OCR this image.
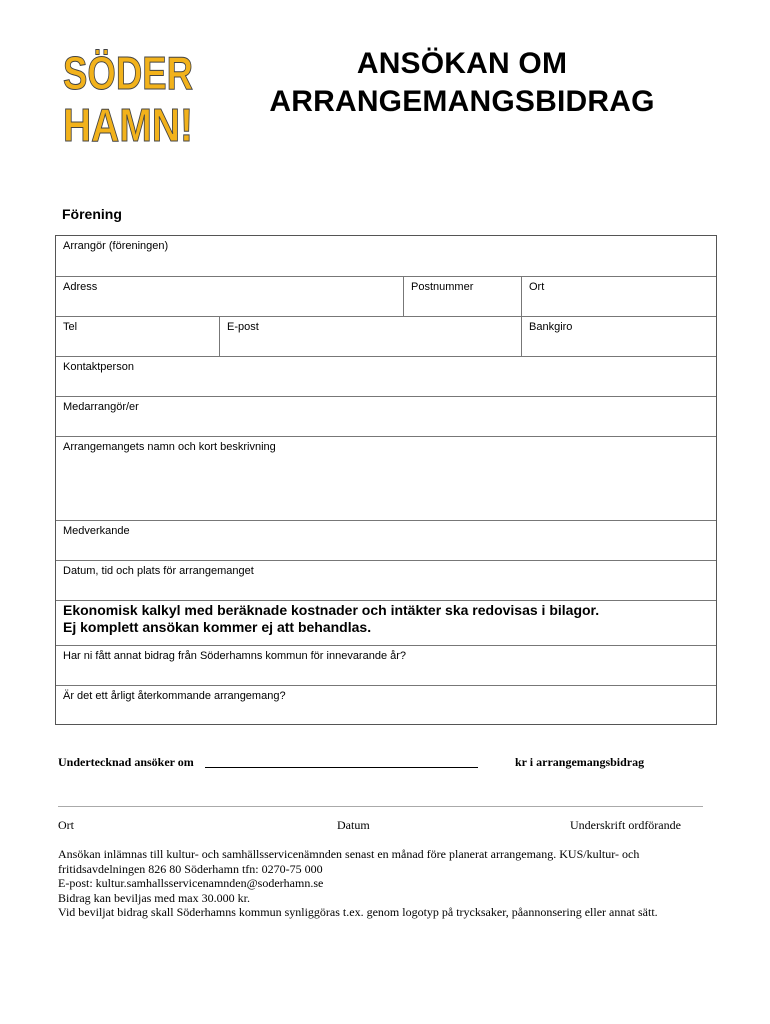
SÖDER
HAMN!
ANSÖKAN OM
ARRANGEMANGSBIDRAG
Förening
Arrangör (föreningen)
Adress	Postnummer	Ort
Tel	E-post	Bankgiro
Kontaktperson
Medarrangör/er
Arrangemangets namn och kort beskrivning
Medverkande
Datum, tid och plats för arrangemanget
Ekonomisk kalkyl med beräknade kostnader och intäkter ska redovisas i bilagor.
Ej komplett ansökan kommer ej att behandlas.
Har ni fått annat bidrag från Söderhamns kommun för innevarande år?
Är det ett årligt återkommande arrangemang?
Undertecknad ansöker om	kr i arrangemangsbidrag
Ort	Datum	Underskrift ordförande
Ansökan inlämnas till kultur- och samhällsservicenämnden senast en månad före planerat arrangemang. KUS/kultur- och
fritidsavdelningen 826 80 Söderhamn tfn: 0270-75 000
E-post: kultur.samhallsservicenamnden@soderhamn.se
Bidrag kan beviljas med max 30.000 kr.
Vid beviljat bidrag skall Söderhamns kommun synliggöras t.ex. genom logotyp på trycksaker, påannonsering eller annat sätt.
